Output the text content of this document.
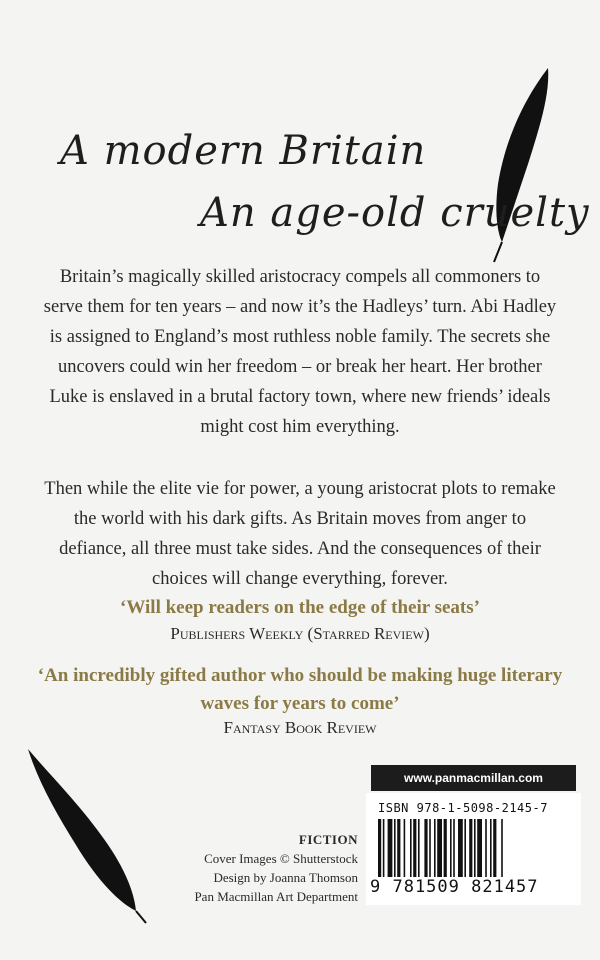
A modern Britain
An age-old cruelty

Britain’s magically skilled aristocracy compels all commoners to serve them for ten years – and now it’s the Hadleys’ turn. Abi Hadley is assigned to England’s most ruthless noble family. The secrets she uncovers could win her freedom – or break her heart. Her brother Luke is enslaved in a brutal factory town, where new friends’ ideals might cost him everything.

Then while the elite vie for power, a young aristocrat plots to remake the world with his dark gifts. As Britain moves from anger to defiance, all three must take sides. And the consequences of their choices will change everything, forever.

‘Will keep readers on the edge of their seats’

Publishers Weekly (Starred Review)

‘An incredibly gifted author who should be making huge literary waves for years to come’

Fantasy Book Review
FICTION
Cover Images © Shutterstock
Design by Joanna Thomson
Pan Macmillan Art Department
www.panmacmillan.com
ISBN 978-1-5098-2145-7
9 781509 821457
